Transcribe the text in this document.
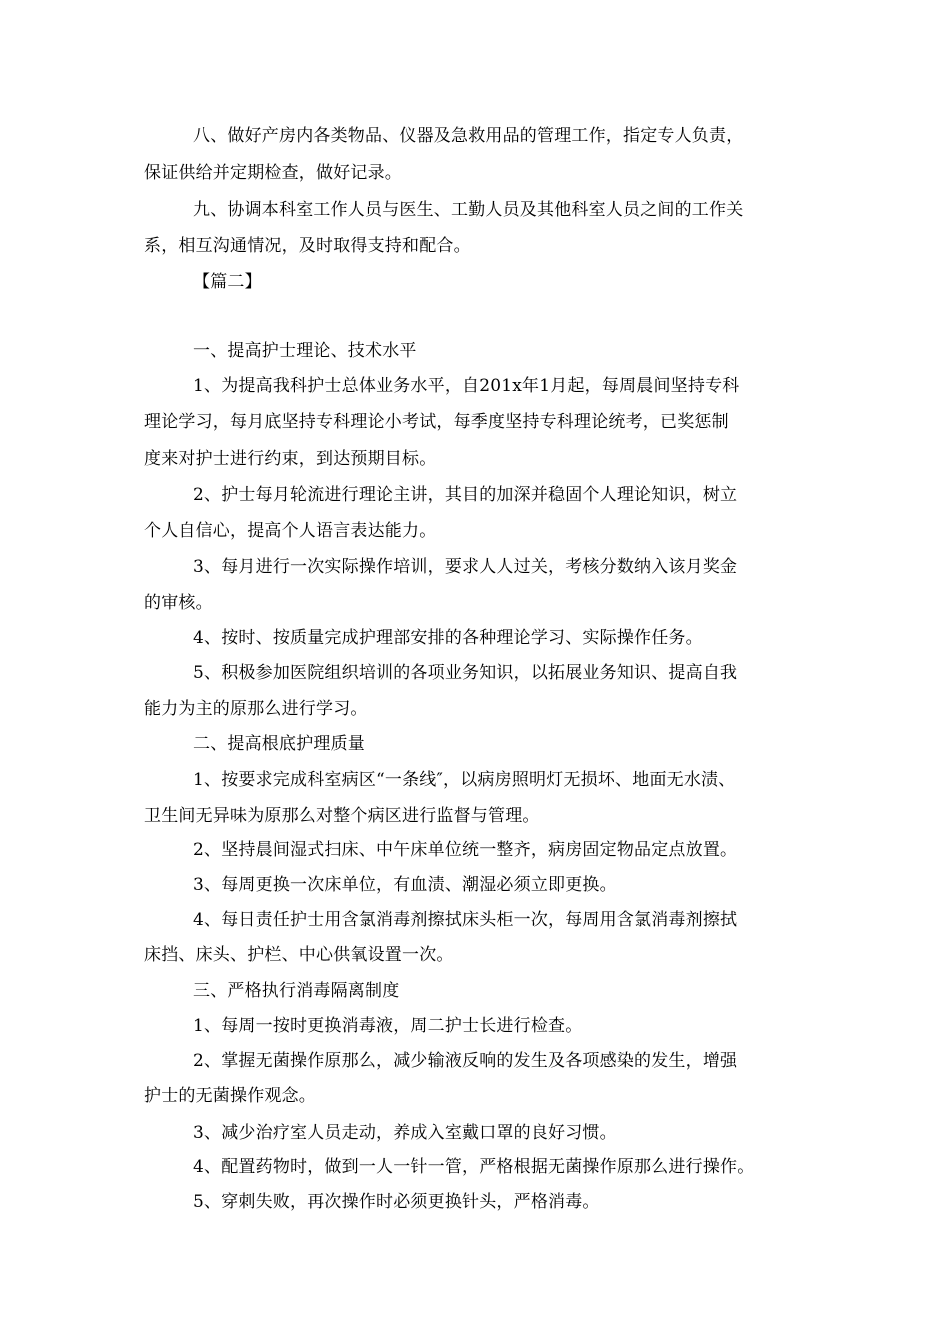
八、做好产房内各类物品、仪器及急救用品的管理工作，指定专人负责，
保证供给并定期检查，做好记录。
九、协调本科室工作人员与医生、工勤人员及其他科室人员之间的工作关
系，相互沟通情况，及时取得支持和配合。
【篇二】
一、提高护士理论、技术水平
1、为提高我科护士总体业务水平，自201x年1月起，每周晨间坚持专科
理论学习，每月底坚持专科理论小考试，每季度坚持专科理论统考，已奖惩制
度来对护士进行约束，到达预期目标。
2、护士每月轮流进行理论主讲，其目的加深并稳固个人理论知识，树立
个人自信心，提高个人语言表达能力。
3、每月进行一次实际操作培训，要求人人过关，考核分数纳入该月奖金
的审核。
4、按时、按质量完成护理部安排的各种理论学习、实际操作任务。
5、积极参加医院组织培训的各项业务知识，以拓展业务知识、提高自我
能力为主的原那么进行学习。
二、提高根底护理质量
1、按要求完成科室病区“一条线″，以病房照明灯无损坏、地面无水渍、
卫生间无异味为原那么对整个病区进行监督与管理。
2、坚持晨间湿式扫床、中午床单位统一整齐，病房固定物品定点放置。
3、每周更换一次床单位，有血渍、潮湿必须立即更换。
4、每日责任护士用含氯消毒剂擦拭床头柜一次，每周用含氯消毒剂擦拭
床挡、床头、护栏、中心供氧设置一次。
三、严格执行消毒隔离制度
1、每周一按时更换消毒液，周二护士长进行检查。
2、掌握无菌操作原那么，减少输液反响的发生及各项感染的发生，增强
护士的无菌操作观念。
3、减少治疗室人员走动，养成入室戴口罩的良好习惯。
4、配置药物时，做到一人一针一管，严格根据无菌操作原那么进行操作。
5、穿刺失败，再次操作时必须更换针头，严格消毒。
